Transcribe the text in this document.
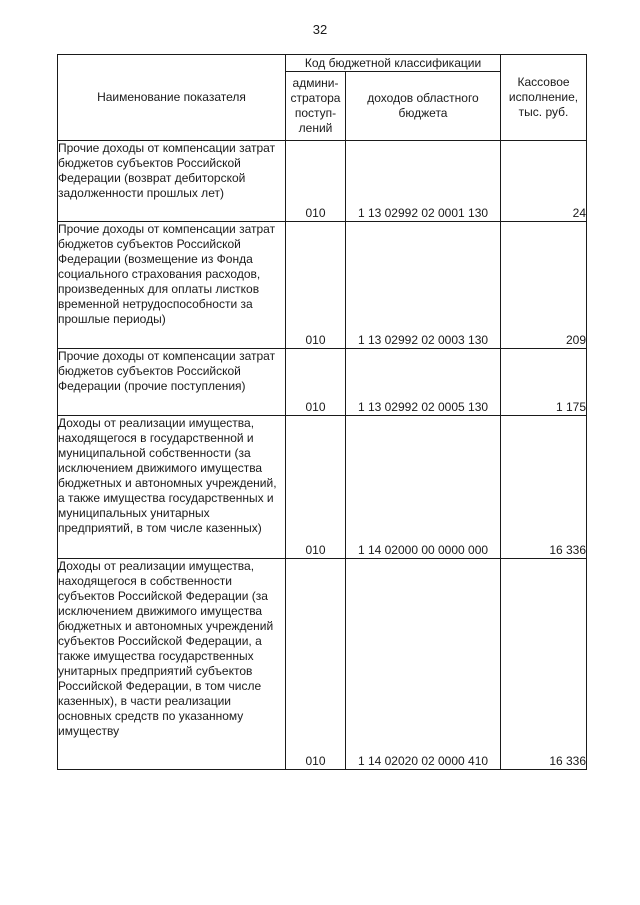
32
Наименование показателя	Код бюджетной классификации		Кассовое исполнение, тыс. руб.
	админи- стратора поступ- лений	доходов областного бюджета	
Прочие доходы от компенсации затрат бюджетов субъектов Российской Федерации (возврат дебиторской задолженности прошлых лет)	010	1 13 02992 02 0001 130	24
Прочие доходы от компенсации затрат бюджетов субъектов Российской Федерации (возмещение из Фонда социального страхования расходов, произведенных для оплаты листков временной нетрудоспособности за прошлые периоды)	010	1 13 02992 02 0003 130	209
Прочие доходы от компенсации затрат бюджетов субъектов Российской Федерации (прочие поступления)	010	1 13 02992 02 0005 130	1 175
Доходы от реализации имущества, находящегося в государственной и муниципальной собственности (за исключением движимого имущества бюджетных и автономных учреждений, а также имущества государственных и муниципальных унитарных предприятий, в том числе казенных)	010	1 14 02000 00 0000 000	16 336
Доходы от реализации имущества, находящегося в собственности субъектов Российской Федерации (за исключением движимого имущества бюджетных и автономных учреждений субъектов Российской Федерации, а также имущества государственных унитарных предприятий субъектов Российской Федерации, в том числе казенных), в части реализации основных средств по указанному имуществу	010	1 14 02020 02 0000 410	16 336
